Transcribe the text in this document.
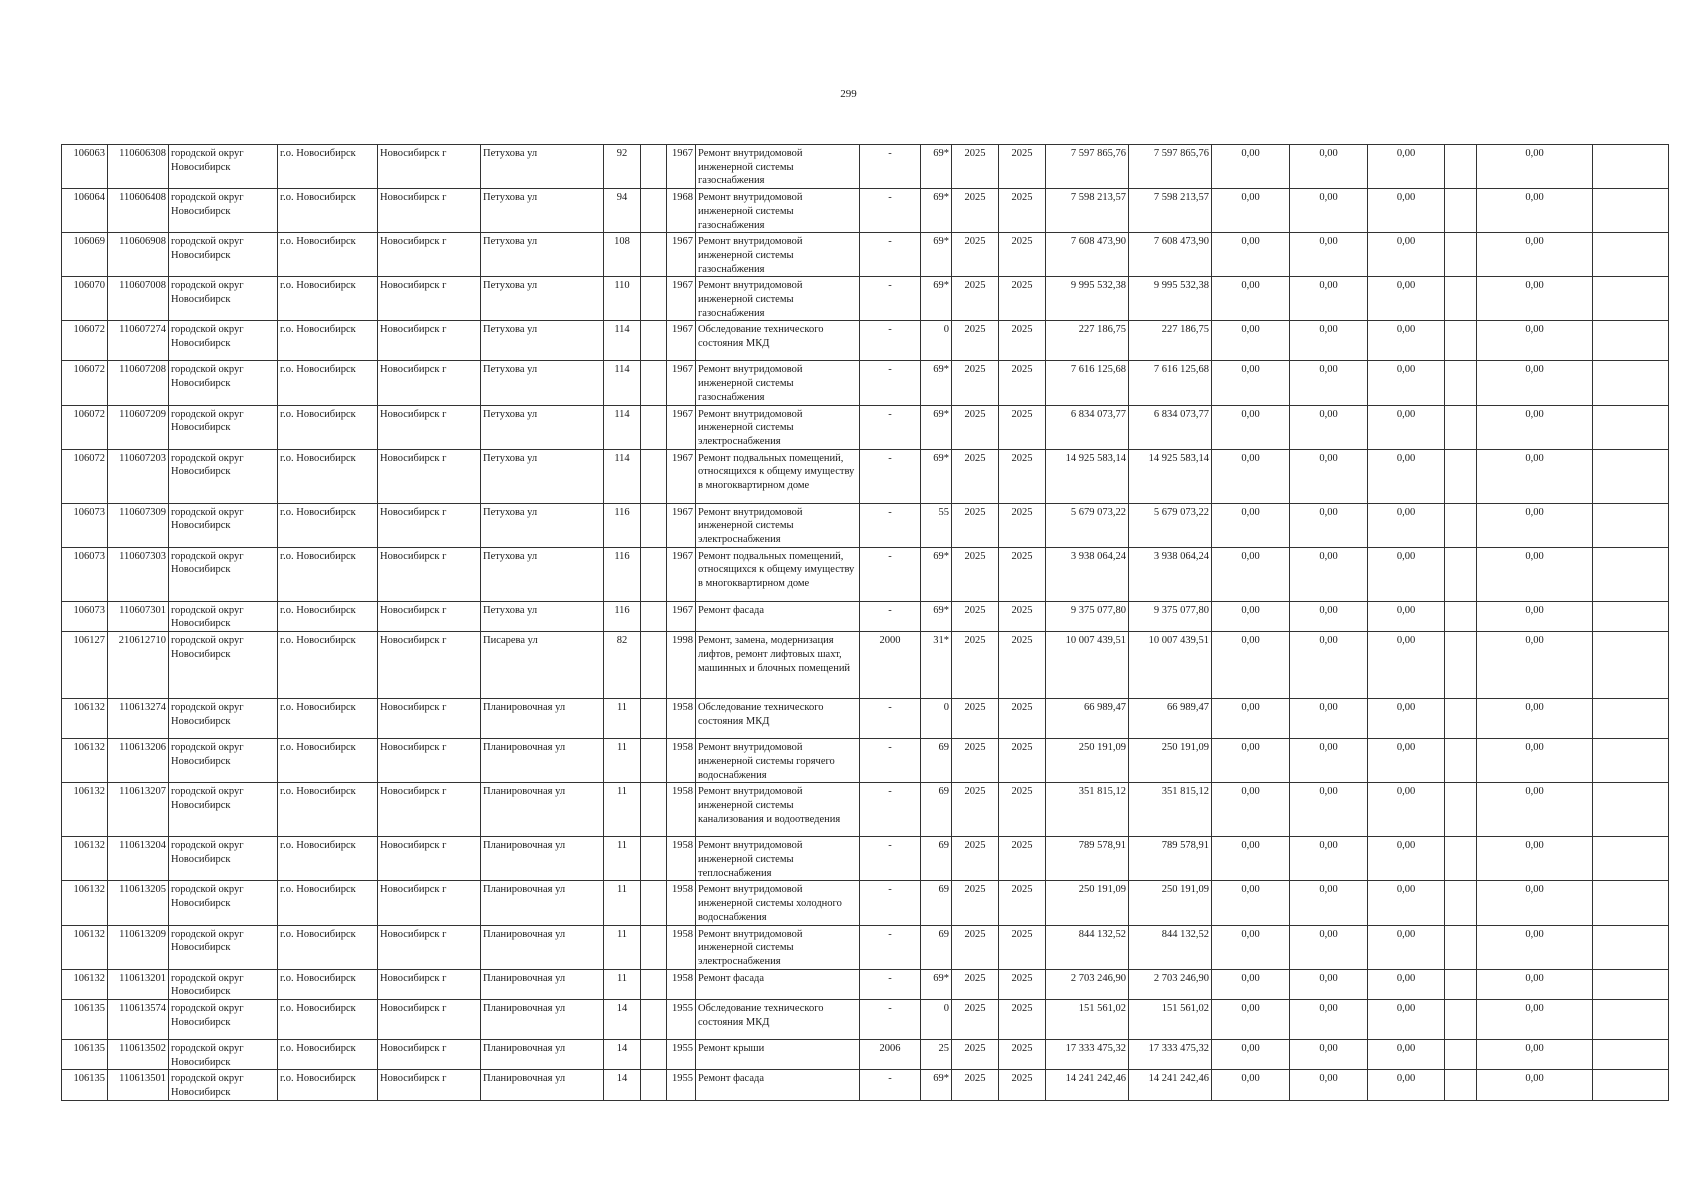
299
106063	110606308	городской округ Новосибирск	г.о. Новосибирск	Новосибирск г	Петухова ул	92		1967	Ремонт внутридомовой инженерной системы газоснабжения	-	69*	2025	2025	7 597 865,76	7 597 865,76	0,00	0,00	0,00		0,00	
106064	110606408	городской округ Новосибирск	г.о. Новосибирск	Новосибирск г	Петухова ул	94		1968	Ремонт внутридомовой инженерной системы газоснабжения	-	69*	2025	2025	7 598 213,57	7 598 213,57	0,00	0,00	0,00		0,00	
106069	110606908	городской округ Новосибирск	г.о. Новосибирск	Новосибирск г	Петухова ул	108		1967	Ремонт внутридомовой инженерной системы газоснабжения	-	69*	2025	2025	7 608 473,90	7 608 473,90	0,00	0,00	0,00		0,00	
106070	110607008	городской округ Новосибирск	г.о. Новосибирск	Новосибирск г	Петухова ул	110		1967	Ремонт внутридомовой инженерной системы газоснабжения	-	69*	2025	2025	9 995 532,38	9 995 532,38	0,00	0,00	0,00		0,00	
106072	110607274	городской округ Новосибирск	г.о. Новосибирск	Новосибирск г	Петухова ул	114		1967	Обследование технического состояния МКД	-	0	2025	2025	227 186,75	227 186,75	0,00	0,00	0,00		0,00	
106072	110607208	городской округ Новосибирск	г.о. Новосибирск	Новосибирск г	Петухова ул	114		1967	Ремонт внутридомовой инженерной системы газоснабжения	-	69*	2025	2025	7 616 125,68	7 616 125,68	0,00	0,00	0,00		0,00	
106072	110607209	городской округ Новосибирск	г.о. Новосибирск	Новосибирск г	Петухова ул	114		1967	Ремонт внутридомовой инженерной системы электроснабжения	-	69*	2025	2025	6 834 073,77	6 834 073,77	0,00	0,00	0,00		0,00	
106072	110607203	городской округ Новосибирск	г.о. Новосибирск	Новосибирск г	Петухова ул	114		1967	Ремонт подвальных помещений, относящихся к общему имуществу в многоквартирном доме	-	69*	2025	2025	14 925 583,14	14 925 583,14	0,00	0,00	0,00		0,00	
106073	110607309	городской округ Новосибирск	г.о. Новосибирск	Новосибирск г	Петухова ул	116		1967	Ремонт внутридомовой инженерной системы электроснабжения	-	55	2025	2025	5 679 073,22	5 679 073,22	0,00	0,00	0,00		0,00	
106073	110607303	городской округ Новосибирск	г.о. Новосибирск	Новосибирск г	Петухова ул	116		1967	Ремонт подвальных помещений, относящихся к общему имуществу в многоквартирном доме	-	69*	2025	2025	3 938 064,24	3 938 064,24	0,00	0,00	0,00		0,00	
106073	110607301	городской округ Новосибирск	г.о. Новосибирск	Новосибирск г	Петухова ул	116		1967	Ремонт фасада	-	69*	2025	2025	9 375 077,80	9 375 077,80	0,00	0,00	0,00		0,00	
106127	210612710	городской округ Новосибирск	г.о. Новосибирск	Новосибирск г	Писарева ул	82		1998	Ремонт, замена, модернизация лифтов, ремонт лифтовых шахт, машинных и блочных помещений	2000	31*	2025	2025	10 007 439,51	10 007 439,51	0,00	0,00	0,00		0,00	
106132	110613274	городской округ Новосибирск	г.о. Новосибирск	Новосибирск г	Планировочная ул	11		1958	Обследование технического состояния МКД	-	0	2025	2025	66 989,47	66 989,47	0,00	0,00	0,00		0,00	
106132	110613206	городской округ Новосибирск	г.о. Новосибирск	Новосибирск г	Планировочная ул	11		1958	Ремонт внутридомовой инженерной системы горячего водоснабжения	-	69	2025	2025	250 191,09	250 191,09	0,00	0,00	0,00		0,00	
106132	110613207	городской округ Новосибирск	г.о. Новосибирск	Новосибирск г	Планировочная ул	11		1958	Ремонт внутридомовой инженерной системы канализования и водоотведения	-	69	2025	2025	351 815,12	351 815,12	0,00	0,00	0,00		0,00	
106132	110613204	городской округ Новосибирск	г.о. Новосибирск	Новосибирск г	Планировочная ул	11		1958	Ремонт внутридомовой инженерной системы теплоснабжения	-	69	2025	2025	789 578,91	789 578,91	0,00	0,00	0,00		0,00	
106132	110613205	городской округ Новосибирск	г.о. Новосибирск	Новосибирск г	Планировочная ул	11		1958	Ремонт внутридомовой инженерной системы холодного водоснабжения	-	69	2025	2025	250 191,09	250 191,09	0,00	0,00	0,00		0,00	
106132	110613209	городской округ Новосибирск	г.о. Новосибирск	Новосибирск г	Планировочная ул	11		1958	Ремонт внутридомовой инженерной системы электроснабжения	-	69	2025	2025	844 132,52	844 132,52	0,00	0,00	0,00		0,00	
106132	110613201	городской округ Новосибирск	г.о. Новосибирск	Новосибирск г	Планировочная ул	11		1958	Ремонт фасада	-	69*	2025	2025	2 703 246,90	2 703 246,90	0,00	0,00	0,00		0,00	
106135	110613574	городской округ Новосибирск	г.о. Новосибирск	Новосибирск г	Планировочная ул	14		1955	Обследование технического состояния МКД	-	0	2025	2025	151 561,02	151 561,02	0,00	0,00	0,00		0,00	
106135	110613502	городской округ Новосибирск	г.о. Новосибирск	Новосибирск г	Планировочная ул	14		1955	Ремонт крыши	2006	25	2025	2025	17 333 475,32	17 333 475,32	0,00	0,00	0,00		0,00	
106135	110613501	городской округ Новосибирск	г.о. Новосибирск	Новосибирск г	Планировочная ул	14		1955	Ремонт фасада	-	69*	2025	2025	14 241 242,46	14 241 242,46	0,00	0,00	0,00		0,00	
